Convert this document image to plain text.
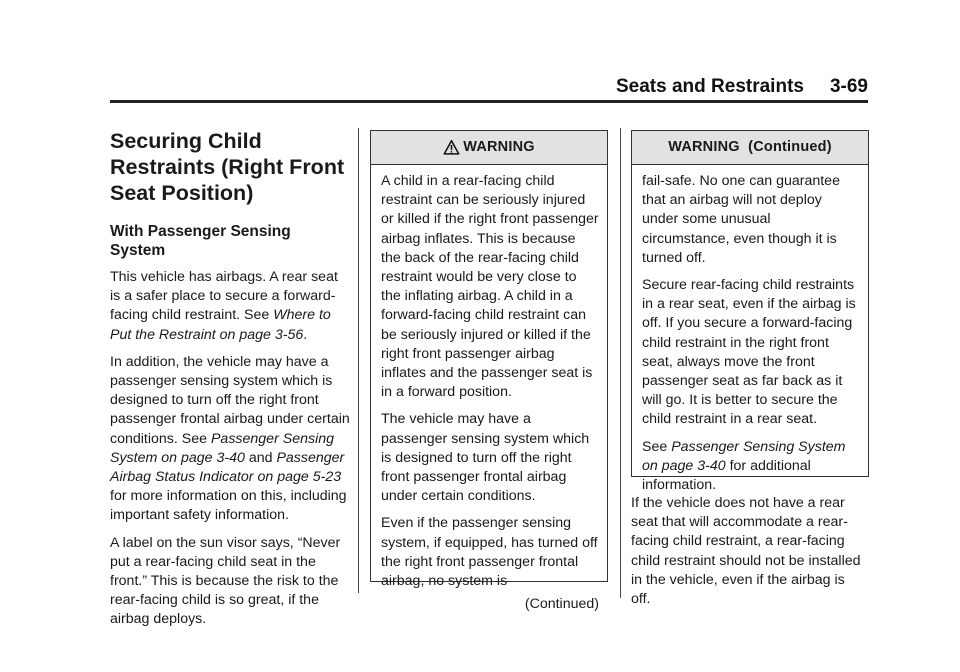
Seats and Restraints 3-69
Securing Child Restraints (Right Front Seat Position)
With Passenger Sensing System

This vehicle has airbags. A rear seat is a safer place to secure a forward-facing child restraint. See Where to Put the Restraint on page 3-56.

In addition, the vehicle may have a passenger sensing system which is designed to turn off the right front passenger frontal airbag under certain conditions. See Passenger Sensing System on page 3-40 and Passenger Airbag Status Indicator on page 5-23 for more information on this, including important safety information.

A label on the sun visor says, “Never put a rear-facing child seat in the front.” This is because the risk to the rear-facing child is so great, if the airbag deploys.

WARNING

A child in a rear-facing child restraint can be seriously injured or killed if the right front passenger airbag inflates. This is because the back of the rear-facing child restraint would be very close to the inflating airbag. A child in a forward-facing child restraint can be seriously injured or killed if the right front passenger airbag inflates and the passenger seat is in a forward position.

The vehicle may have a passenger sensing system which is designed to turn off the right front passenger frontal airbag under certain conditions.

Even if the passenger sensing system, if equipped, has turned off the right front passenger frontal airbag, no system is

(Continued)
WARNING  (Continued)

fail-safe. No one can guarantee that an airbag will not deploy under some unusual circumstance, even though it is turned off.

Secure rear-facing child restraints in a rear seat, even if the airbag is off. If you secure a forward-facing child restraint in the right front seat, always move the front passenger seat as far back as it will go. It is better to secure the child restraint in a rear seat.

See Passenger Sensing System on page 3-40 for additional information.

If the vehicle does not have a rear seat that will accommodate a rear-facing child restraint, a rear-facing child restraint should not be installed in the vehicle, even if the airbag is off.
